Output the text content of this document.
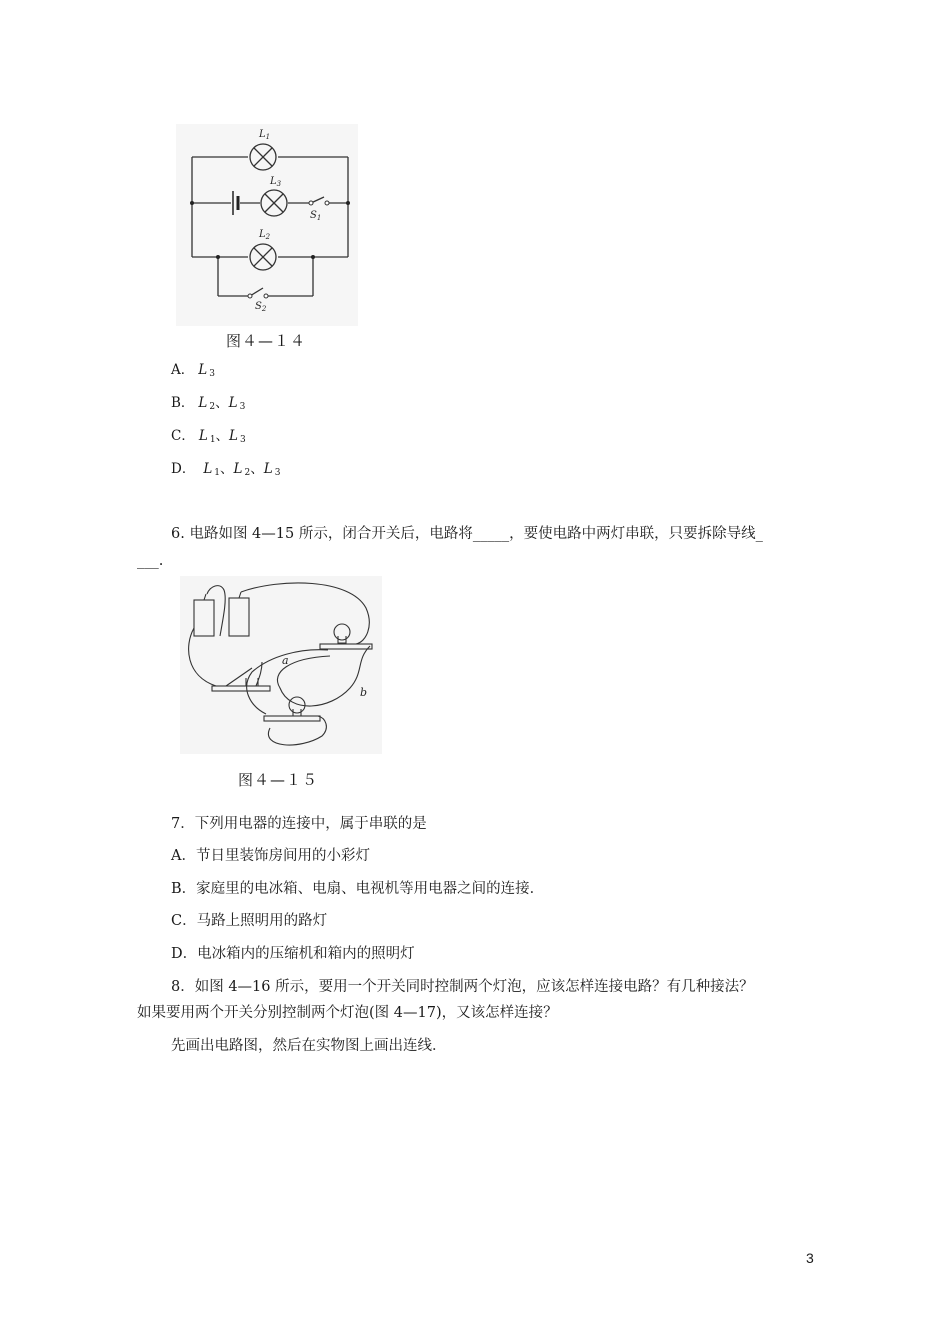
$L_1$
$L_3$
$L_2$
$S_1$
$S_2$
图４—１４
A． L $_3$
B． L $_2$、L $_3$
C． L $_1$、L $_3$
D． L $_1$、L $_2$、L $_3$
6. 电路如图 4—15 所示，闭合开关后，电路将_____，要使电路中两灯串联，只要拆除导线_
___.
a
b
图４—１５
7．下列用电器的连接中，属于串联的是
A．节日里装饰房间用的小彩灯
B．家庭里的电冰箱、电扇、电视机等用电器之间的连接．
C．马路上照明用的路灯
D．电冰箱内的压缩机和箱内的照明灯
8．如图 4—16 所示，要用一个开关同时控制两个灯泡，应该怎样连接电路？有几种接法？
如果要用两个开关分别控制两个灯泡(图 4—17)，又该怎样连接？
先画出电路图，然后在实物图上画出连线．
3
